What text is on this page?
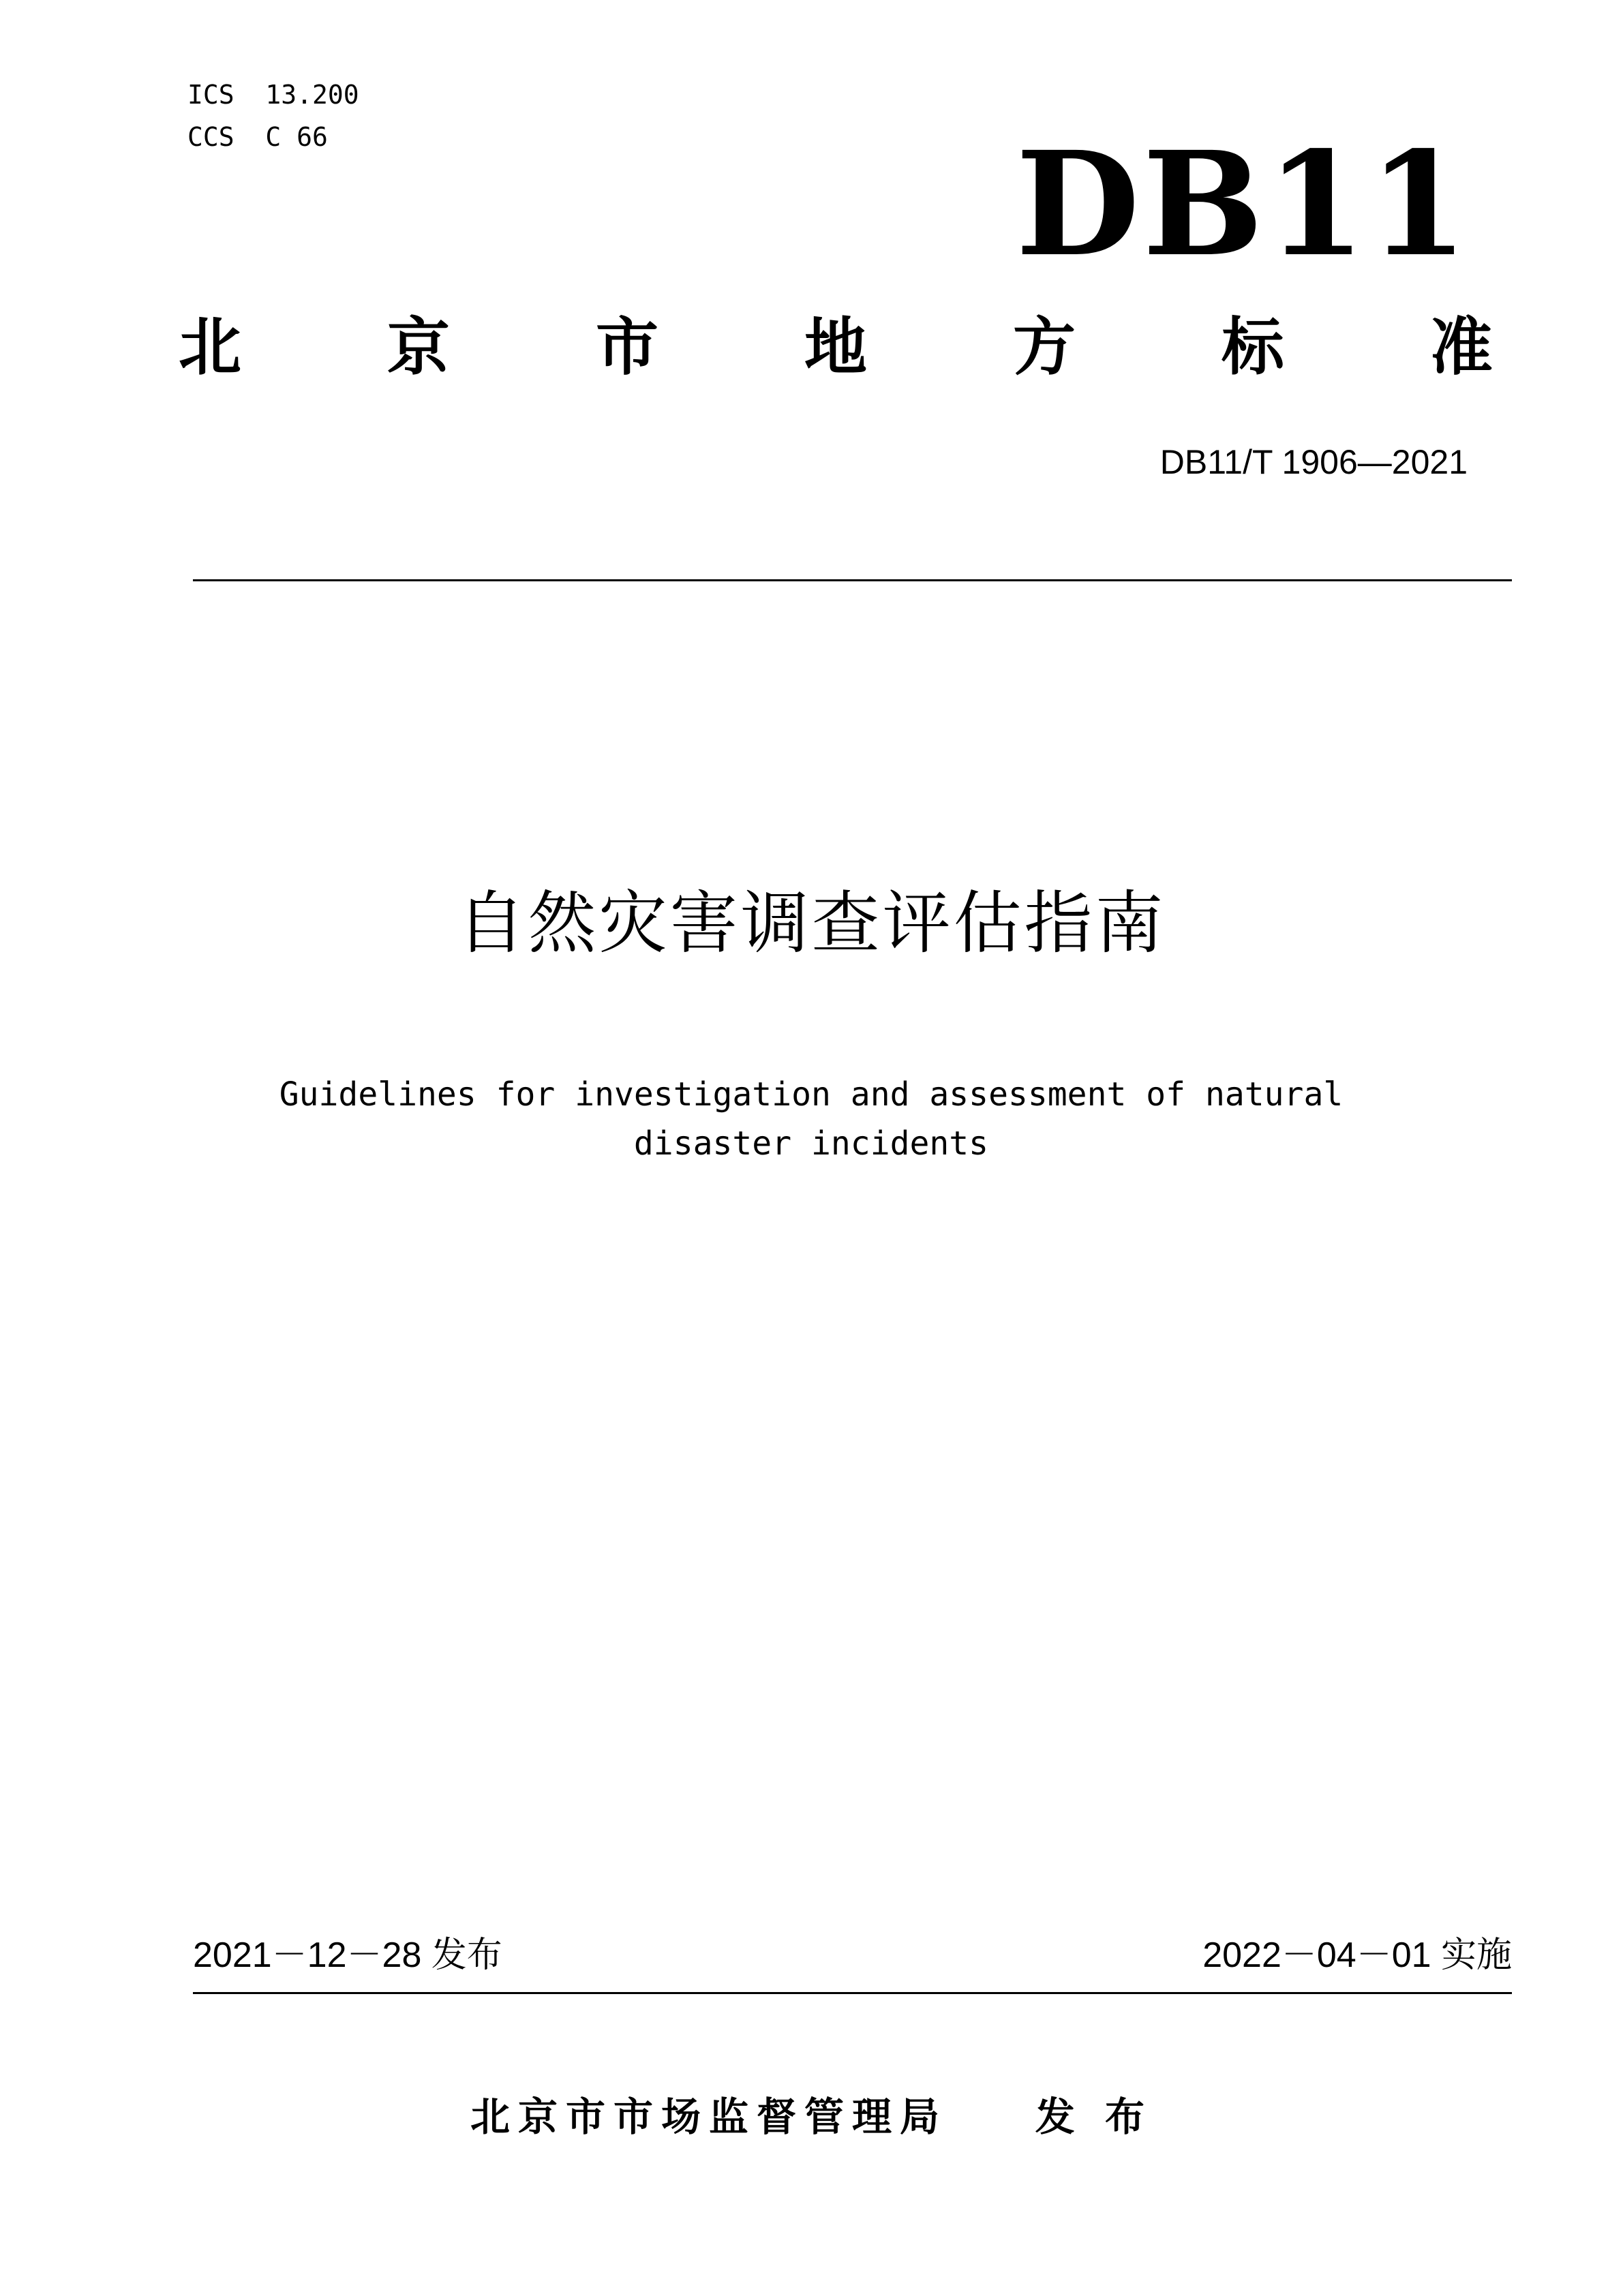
ICS  13.200
CCS  C 66	DB11
北 京 市 地 方 标 准
DB11/T 1906—2021
自然灾害调查评估指南
Guidelines for investigation and assessment of natural
disaster incidents
2021－12－28 发布	2022－04－01 实施
北京市市场监督管理局    发 布
